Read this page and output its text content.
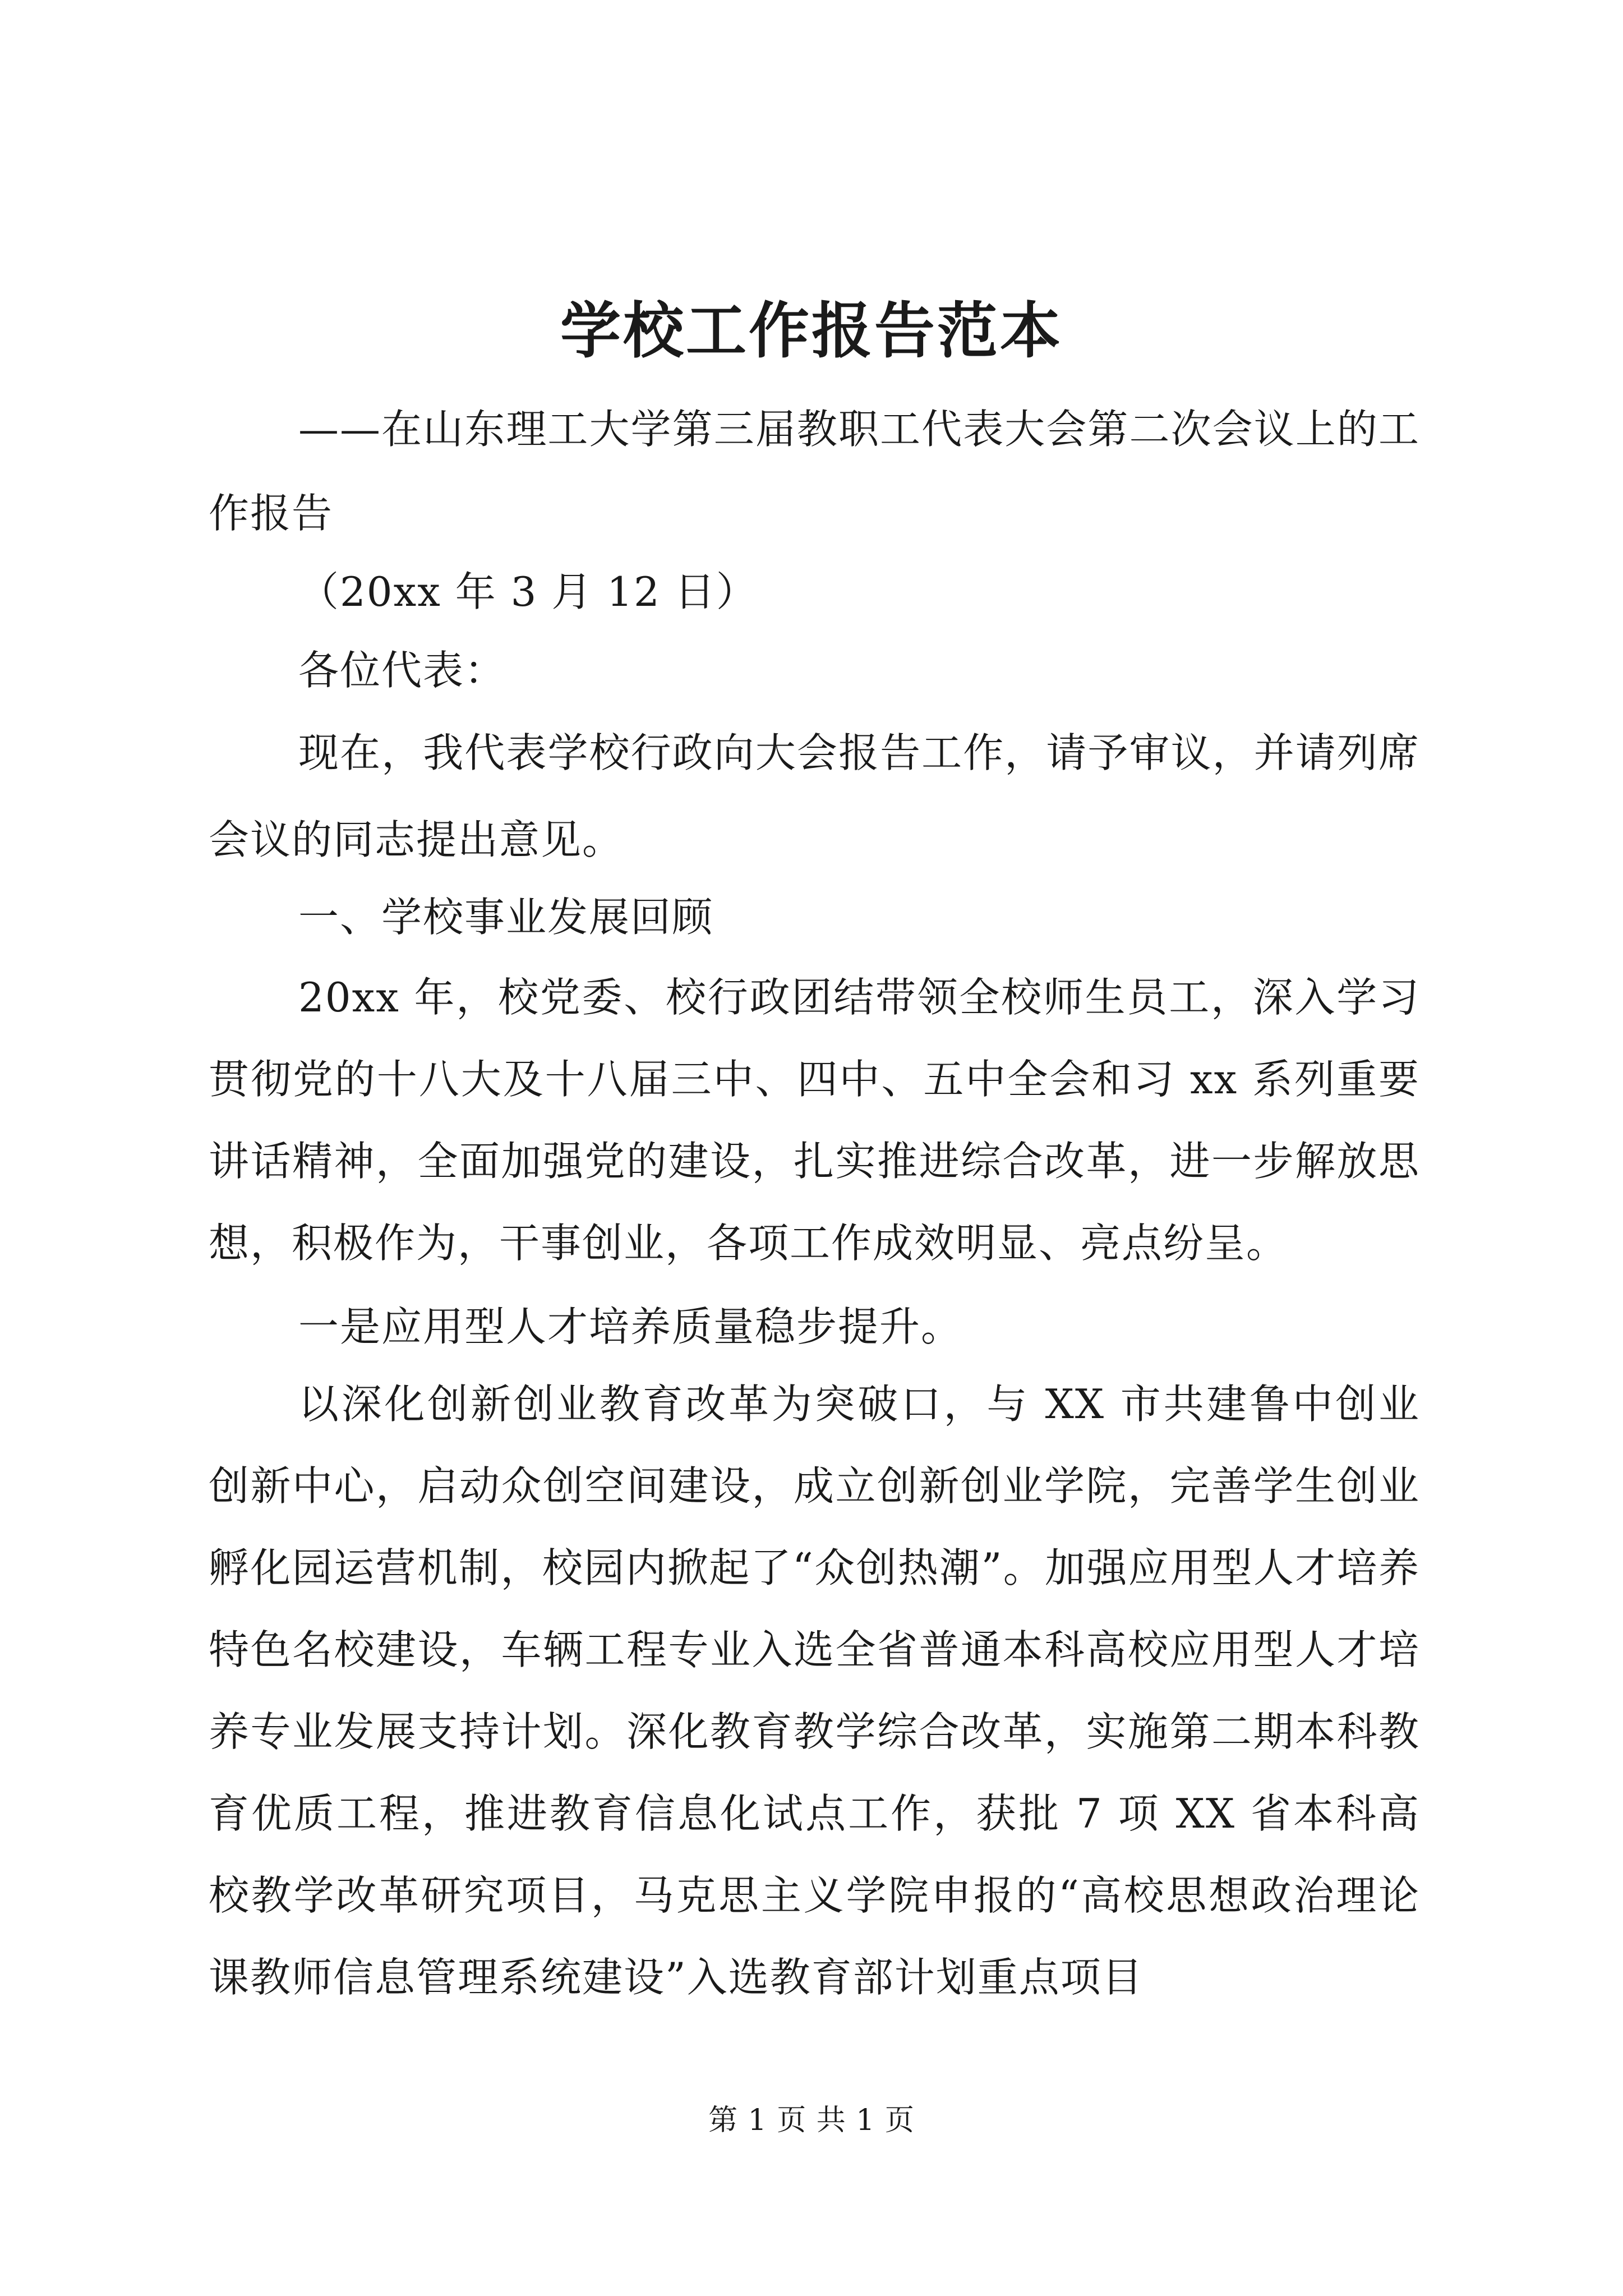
学校工作报告范本

——在山东理工大学第三届教职工代表大会第二次会议上的工作报告

（20xx 年 3 月 12 日）

各位代表：

现在，我代表学校行政向大会报告工作，请予审议，并请列席会议的同志提出意见。

一、学校事业发展回顾

20xx 年，校党委、校行政团结带领全校师生员工，深入学习贯彻党的十八大及十八届三中、四中、五中全会和习 xx 系列重要讲话精神，全面加强党的建设，扎实推进综合改革，进一步解放思想，积极作为，干事创业，各项工作成效明显、亮点纷呈。

一是应用型人才培养质量稳步提升。

以深化创新创业教育改革为突破口，与 XX 市共建鲁中创业创新中心，启动众创空间建设，成立创新创业学院，完善学生创业孵化园运营机制，校园内掀起了“众创热潮”。加强应用型人才培养特色名校建设，车辆工程专业入选全省普通本科高校应用型人才培养专业发展支持计划。深化教育教学综合改革，实施第二期本科教育优质工程，推进教育信息化试点工作，获批 7 项 XX 省本科高校教学改革研究项目，马克思主义学院申报的“高校思想政治理论课教师信息管理系统建设”入选教育部计划重点项目

第 1 页 共 1 页
